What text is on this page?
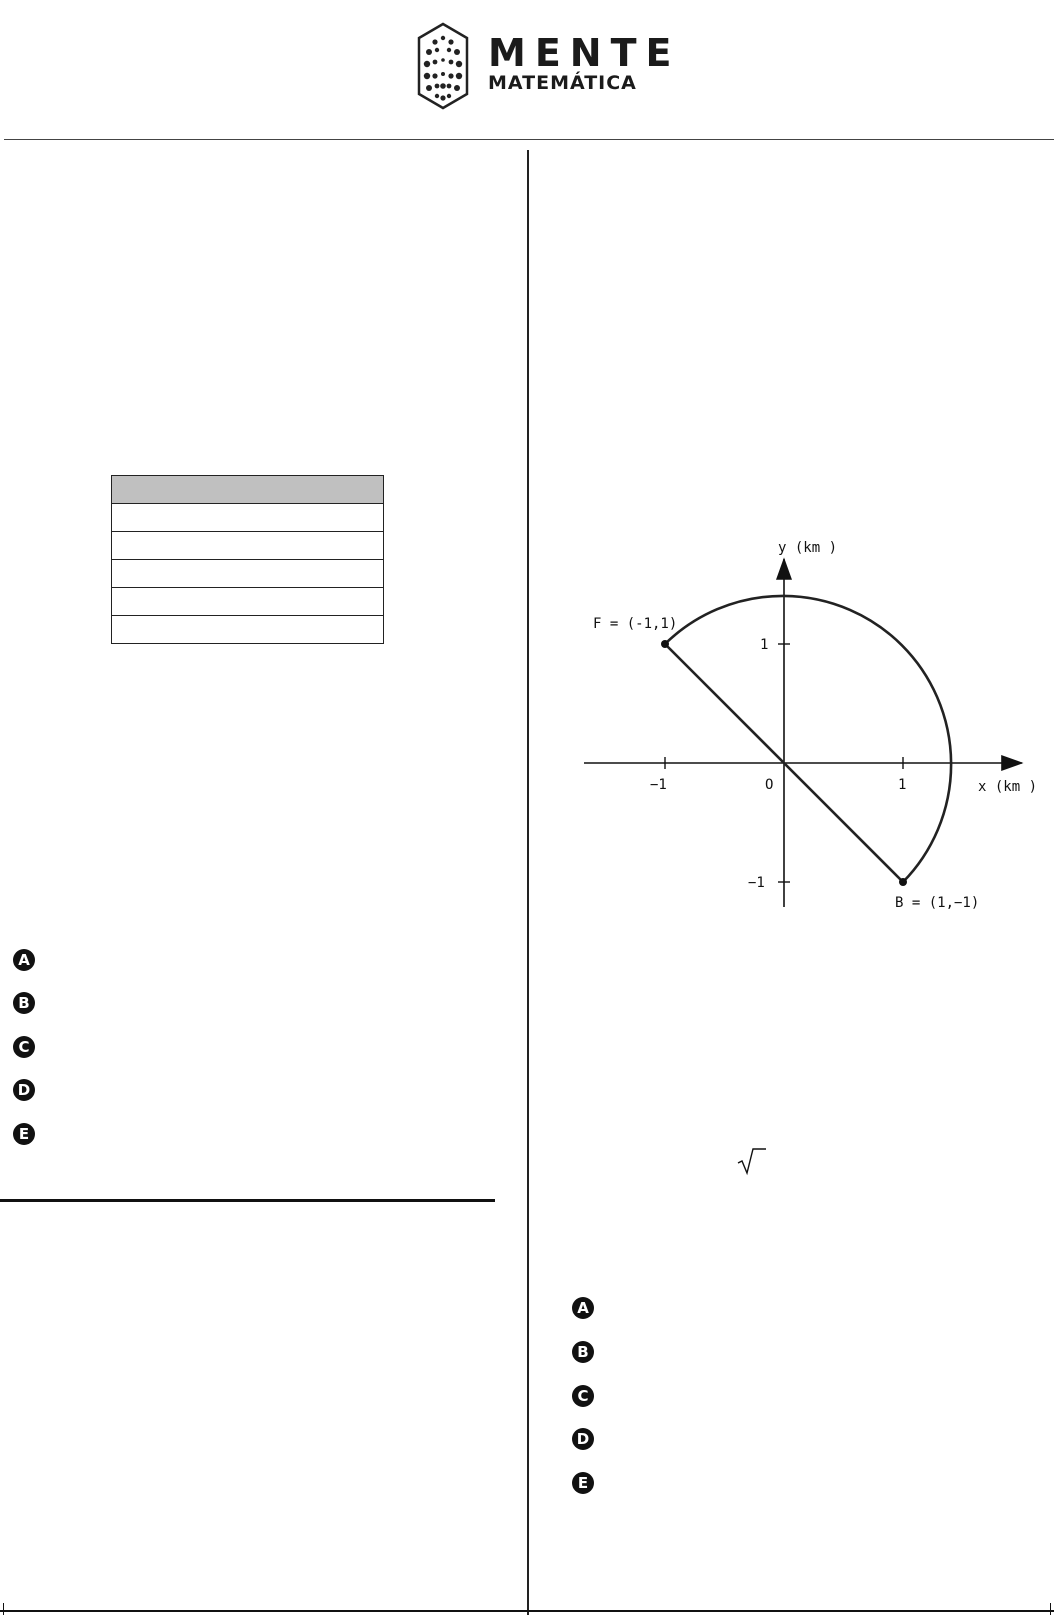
MENTE
MATEMÁTICA

A
B
C
D
E
y (km )
x (km )
O
−1	1
1
−1
F = (-1,1)
B = (1,−1)
A
B
C
D
E
